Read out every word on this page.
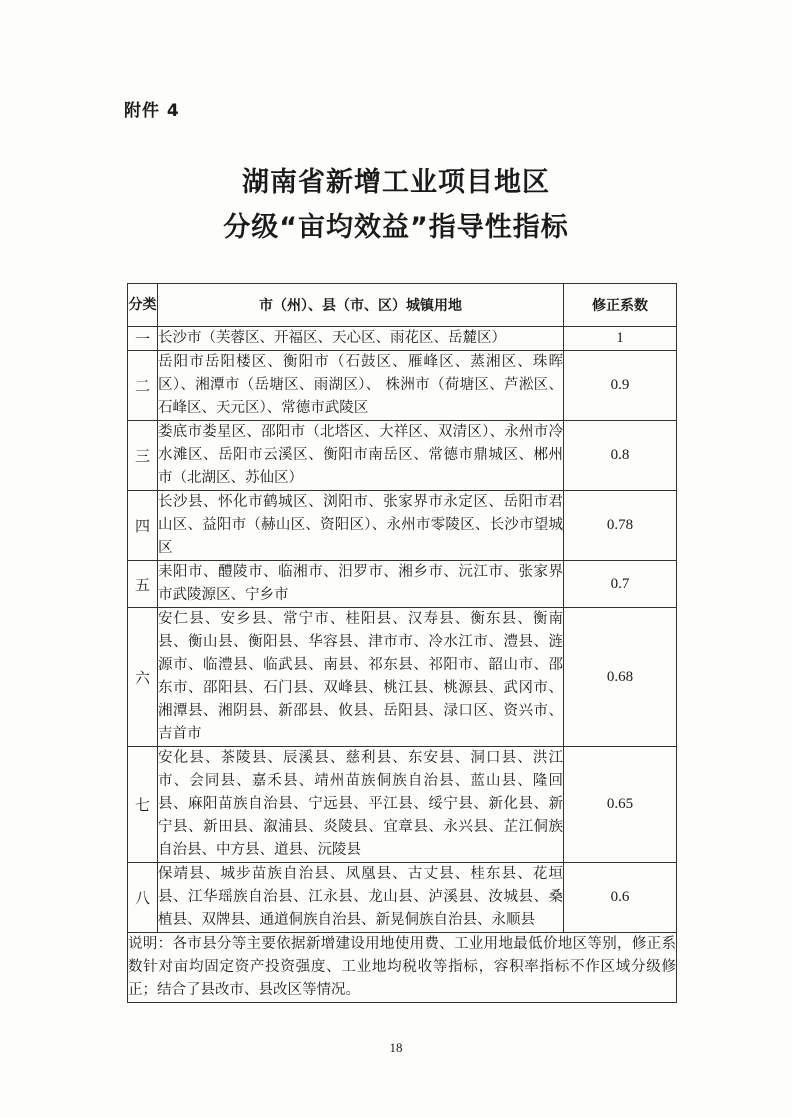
附件 4
湖南省新增工业项目地区
分级“亩均效益”指导性指标
分类	市（州）、县（市、区）城镇用地	修正系数
一	长沙市（芙蓉区、开福区、天心区、雨花区、岳麓区）	1
二	岳阳市岳阳楼区、衡阳市（石鼓区、雁峰区、蒸湘区、珠晖区）、湘潭市（岳塘区、雨湖区）、 株洲市（荷塘区、芦淞区、石峰区、天元区）、常德市武陵区	0.9
三	娄底市娄星区、邵阳市（北塔区、大祥区、双清区）、永州市冷水滩区、岳阳市云溪区、衡阳市南岳区、常德市鼎城区、郴州市（北湖区、苏仙区）	0.8
四	长沙县、怀化市鹤城区、浏阳市、张家界市永定区、岳阳市君山区、益阳市（赫山区、资阳区）、永州市零陵区、长沙市望城区	0.78
五	耒阳市、醴陵市、临湘市、汨罗市、湘乡市、沅江市、张家界市武陵源区、宁乡市	0.7
六	安仁县、安乡县、常宁市、桂阳县、汉寿县、衡东县、衡南县、衡山县、衡阳县、华容县、津市市、冷水江市、澧县、涟源市、临澧县、临武县、南县、祁东县、祁阳市、韶山市、邵东市、邵阳县、石门县、双峰县、桃江县、桃源县、武冈市、湘潭县、湘阴县、新邵县、攸县、岳阳县、渌口区、资兴市、吉首市	0.68
七	安化县、茶陵县、辰溪县、慈利县、东安县、洞口县、洪江市、会同县、嘉禾县、靖州苗族侗族自治县、蓝山县、隆回县、麻阳苗族自治县、宁远县、平江县、绥宁县、新化县、新宁县、新田县、溆浦县、炎陵县、宜章县、永兴县、芷江侗族自治县、中方县、道县、沅陵县	0.65
八	保靖县、城步苗族自治县、凤凰县、古丈县、桂东县、花垣县、江华瑶族自治县、江永县、龙山县、泸溪县、汝城县、桑植县、双牌县、通道侗族自治县、新晃侗族自治县、永顺县	0.6
说明：各市县分等主要依据新增建设用地使用费、工业用地最低价地区等别，修正系数针对亩均固定资产投资强度、工业地均税收等指标，容积率指标不作区域分级修正；结合了县改市、县改区等情况。		
18
